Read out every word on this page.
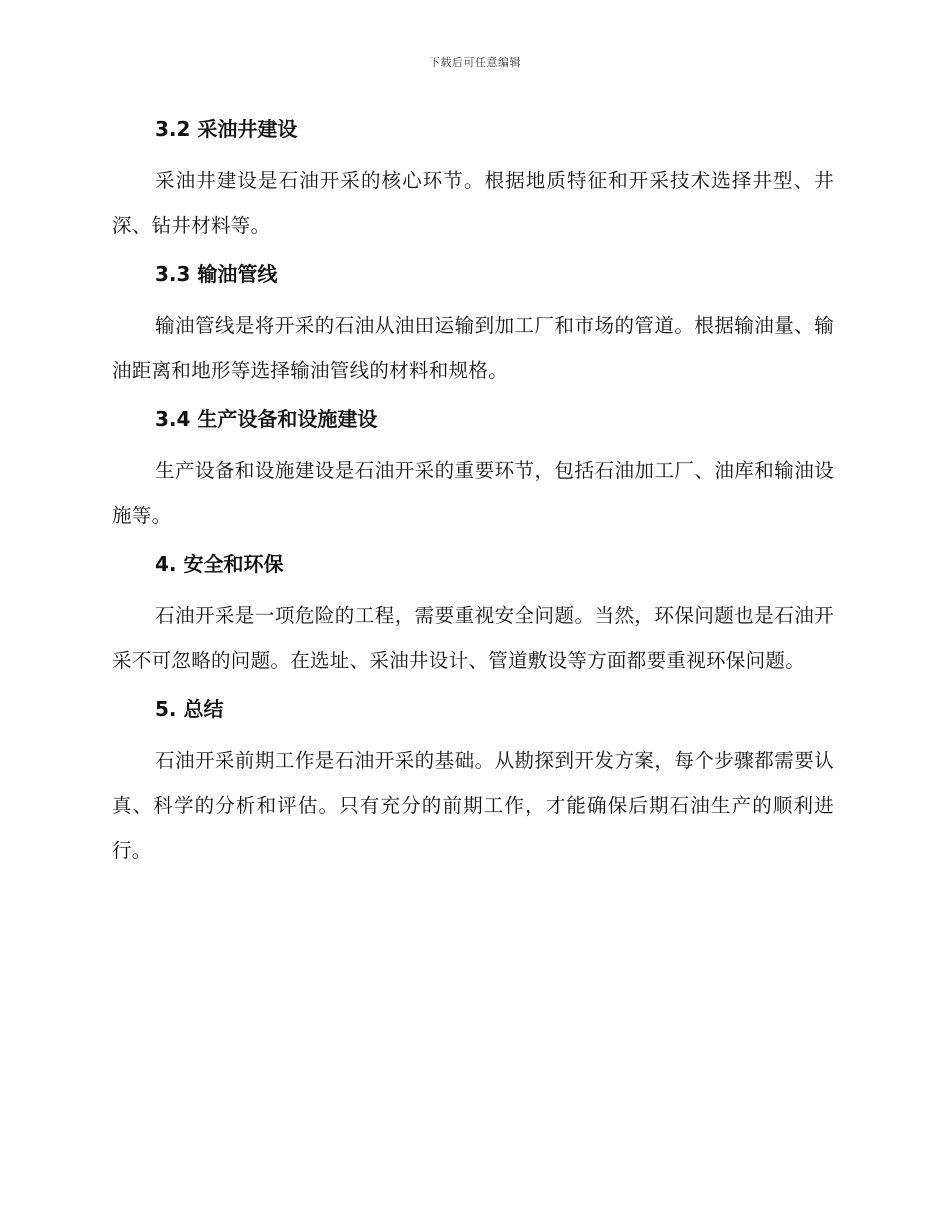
下载后可任意编辑
3.2 采油井建设

采油井建设是石油开采的核心环节。根据地质特征和开采技术选择井型、井深、钻井材料等。

3.3 输油管线

输油管线是将开采的石油从油田运输到加工厂和市场的管道。根据输油量、输油距离和地形等选择输油管线的材料和规格。

3.4 生产设备和设施建设

生产设备和设施建设是石油开采的重要环节，包括石油加工厂、油库和输油设施等。

4. 安全和环保

石油开采是一项危险的工程，需要重视安全问题。当然，环保问题也是石油开采不可忽略的问题。在选址、采油井设计、管道敷设等方面都要重视环保问题。

5. 总结

石油开采前期工作是石油开采的基础。从勘探到开发方案，每个步骤都需要认真、科学的分析和评估。只有充分的前期工作，才能确保后期石油生产的顺利进行。
